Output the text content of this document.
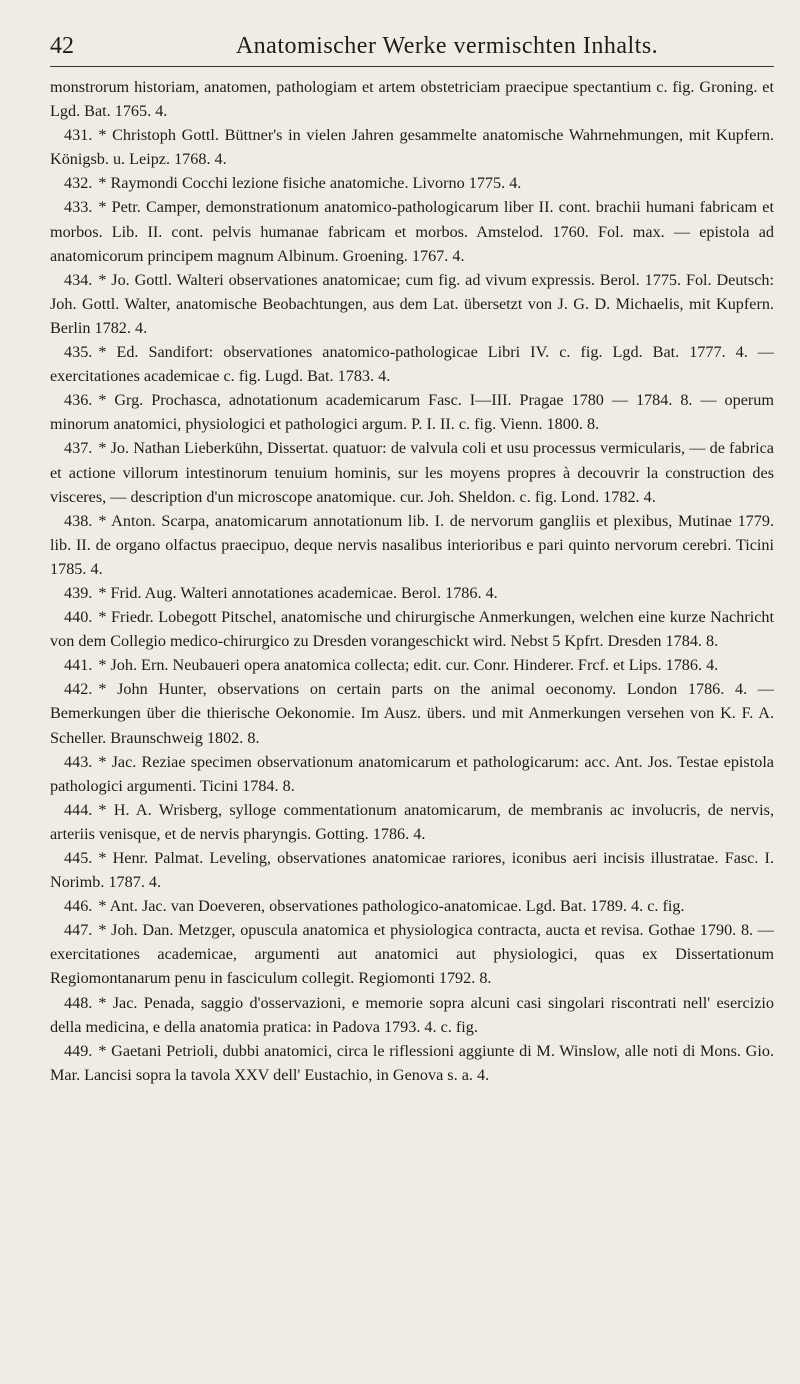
42	Anatomischer Werke vermischten Inhalts.

monstrorum historiam, anatomen, pathologiam et artem obstetriciam praecipue spectantium c. fig. Groning. et Lgd. Bat. 1765. 4.

431. * Christoph Gottl. Büttner's in vielen Jahren gesammelte anatomische Wahrnehmungen, mit Kupfern. Königsb. u. Leipz. 1768. 4.

432. * Raymondi Cocchi lezione fisiche anatomiche. Livorno 1775. 4.

433. * Petr. Camper, demonstrationum anatomico-pathologicarum liber II. cont. brachii humani fabricam et morbos. Lib. II. cont. pelvis humanae fabricam et morbos. Amstelod. 1760. Fol. max. — epistola ad anatomicorum principem magnum Albinum. Groening. 1767. 4.

434. * Jo. Gottl. Walteri observationes anatomicae; cum fig. ad vivum expressis. Berol. 1775. Fol. Deutsch: Joh. Gottl. Walter, anatomische Beobachtungen, aus dem Lat. übersetzt von J. G. D. Michaelis, mit Kupfern. Berlin 1782. 4.

435. * Ed. Sandifort: observationes anatomico-pathologicae Libri IV. c. fig. Lgd. Bat. 1777. 4. — exercitationes academicae c. fig. Lugd. Bat. 1783. 4.

436. * Grg. Prochasca, adnotationum academicarum Fasc. I—III. Pragae 1780 — 1784. 8. — operum minorum anatomici, physiologici et pathologici argum. P. I. II. c. fig. Vienn. 1800. 8.

437. * Jo. Nathan Lieberkühn, Dissertat. quatuor: de valvula coli et usu processus vermicularis, — de fabrica et actione villorum intestinorum tenuium hominis, sur les moyens propres à decouvrir la construction des visceres, — description d'un microscope anatomique. cur. Joh. Sheldon. c. fig. Lond. 1782. 4.

438. * Anton. Scarpa, anatomicarum annotationum lib. I. de nervorum gangliis et plexibus, Mutinae 1779. lib. II. de organo olfactus praecipuo, deque nervis nasalibus interioribus e pari quinto nervorum cerebri. Ticini 1785. 4.

439. * Frid. Aug. Walteri annotationes academicae. Berol. 1786. 4.

440. * Friedr. Lobegott Pitschel, anatomische und chirurgische Anmerkungen, welchen eine kurze Nachricht von dem Collegio medico-chirurgico zu Dresden vorangeschickt wird. Nebst 5 Kpfrt. Dresden 1784. 8.

441. * Joh. Ern. Neubaueri opera anatomica collecta; edit. cur. Conr. Hinderer. Frcf. et Lips. 1786. 4.

442. * John Hunter, observations on certain parts on the animal oeconomy. London 1786. 4. — Bemerkungen über die thierische Oekonomie. Im Ausz. übers. und mit Anmerkungen versehen von K. F. A. Scheller. Braunschweig 1802. 8.

443. * Jac. Reziae specimen observationum anatomicarum et pathologicarum: acc. Ant. Jos. Testae epistola pathologici argumenti. Ticini 1784. 8.

444. * H. A. Wrisberg, sylloge commentationum anatomicarum, de membranis ac involucris, de nervis, arteriis venisque, et de nervis pharyngis. Gotting. 1786. 4.

445. * Henr. Palmat. Leveling, observationes anatomicae rariores, iconibus aeri incisis illustratae. Fasc. I. Norimb. 1787. 4.

446. * Ant. Jac. van Doeveren, observationes pathologico-anatomicae. Lgd. Bat. 1789. 4. c. fig.

447. * Joh. Dan. Metzger, opuscula anatomica et physiologica contracta, aucta et revisa. Gothae 1790. 8. — exercitationes academicae, argumenti aut anatomici aut physiologici, quas ex Dissertationum Regiomontanarum penu in fasciculum collegit. Regiomonti 1792. 8.

448. * Jac. Penada, saggio d'osservazioni, e memorie sopra alcuni casi singolari riscontrati nell' esercizio della medicina, e della anatomia pratica: in Padova 1793. 4. c. fig.

449. * Gaetani Petrioli, dubbi anatomici, circa le riflessioni aggiunte di M. Winslow, alle noti di Mons. Gio. Mar. Lancisi sopra la tavola XXV dell' Eustachio, in Genova s. a. 4.
